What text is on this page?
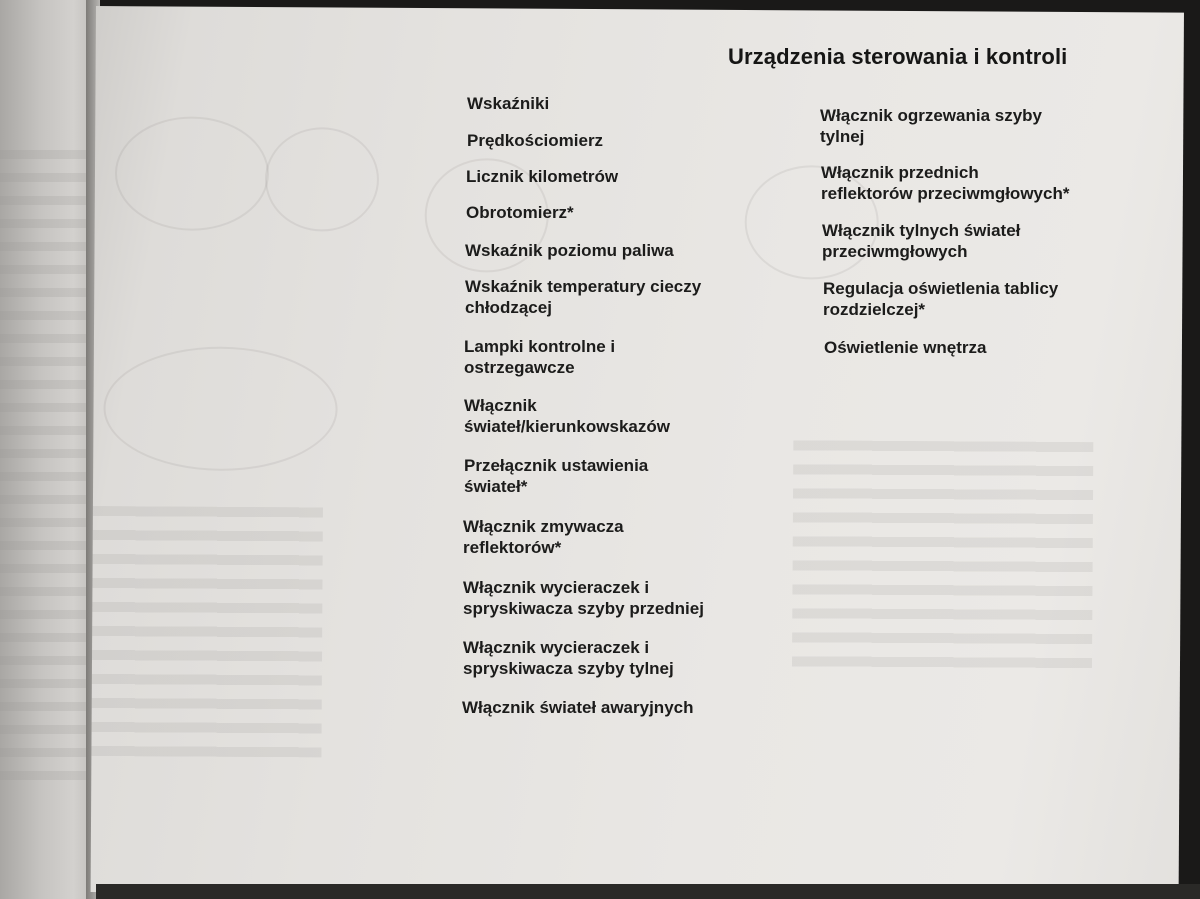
Urządzenia sterowania i kontroli
Wskaźniki
Prędkościomierz
Licznik kilometrów
Obrotomierz*
Wskaźnik poziomu paliwa
Wskaźnik temperatury cieczy
chłodzącej
Lampki kontrolne i
ostrzegawcze
Włącznik
świateł/kierunkowskazów
Przełącznik ustawienia
świateł*
Włącznik zmywacza
reflektorów*
Włącznik wycieraczek i
spryskiwacza szyby przedniej
Włącznik wycieraczek i
spryskiwacza szyby tylnej
Włącznik świateł awaryjnych
Włącznik ogrzewania szyby
tylnej
Włącznik przednich
reflektorów przeciwmgłowych*
Włącznik tylnych świateł
przeciwmgłowych
Regulacja oświetlenia tablicy
rozdzielczej*
Oświetlenie wnętrza
